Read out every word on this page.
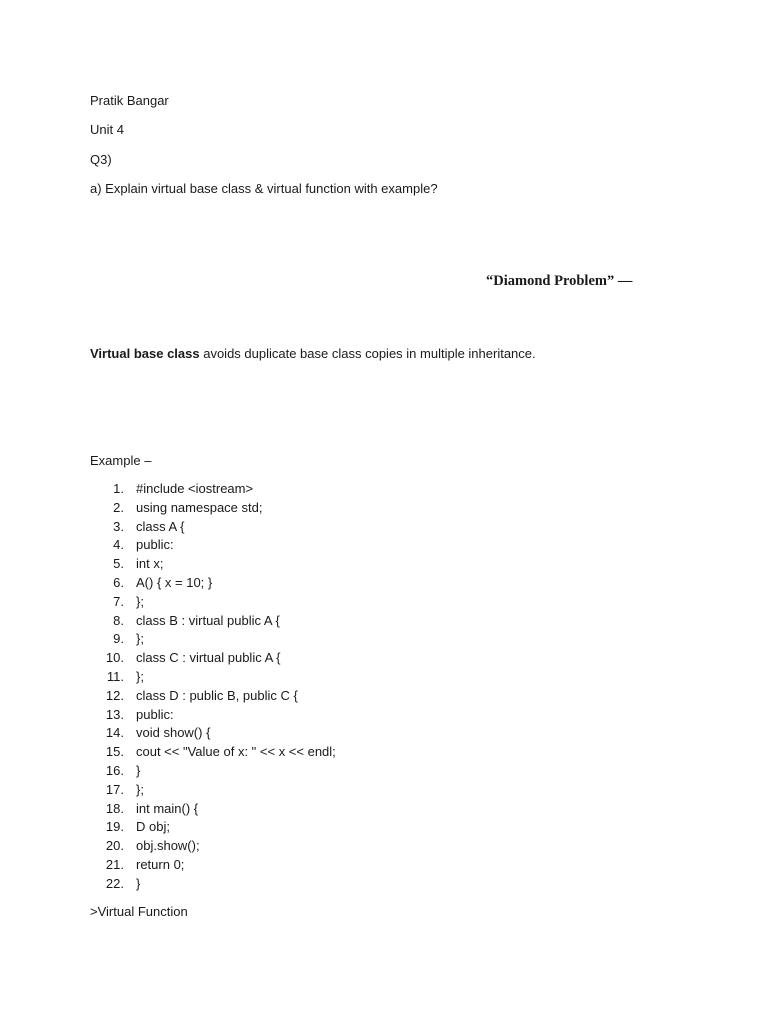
Pratik Bangar
Unit 4
Q3)
a) Explain virtual base class & virtual function with example?
“Diamond Problem” —
Virtual base class avoids duplicate base class copies in multiple inheritance.
Example –
1. #include <iostream>
2. using namespace std;
3. class A {
4. public:
5. int x;
6. A() { x = 10; }
7. };
8. class B : virtual public A {
9. };
10. class C : virtual public A {
11. };
12. class D : public B, public C {
13. public:
14. void show() {
15. cout << "Value of x: " << x << endl;
16. }
17. };
18. int main() {
19. D obj;
20. obj.show();
21. return 0;
22. }
>Virtual Function
